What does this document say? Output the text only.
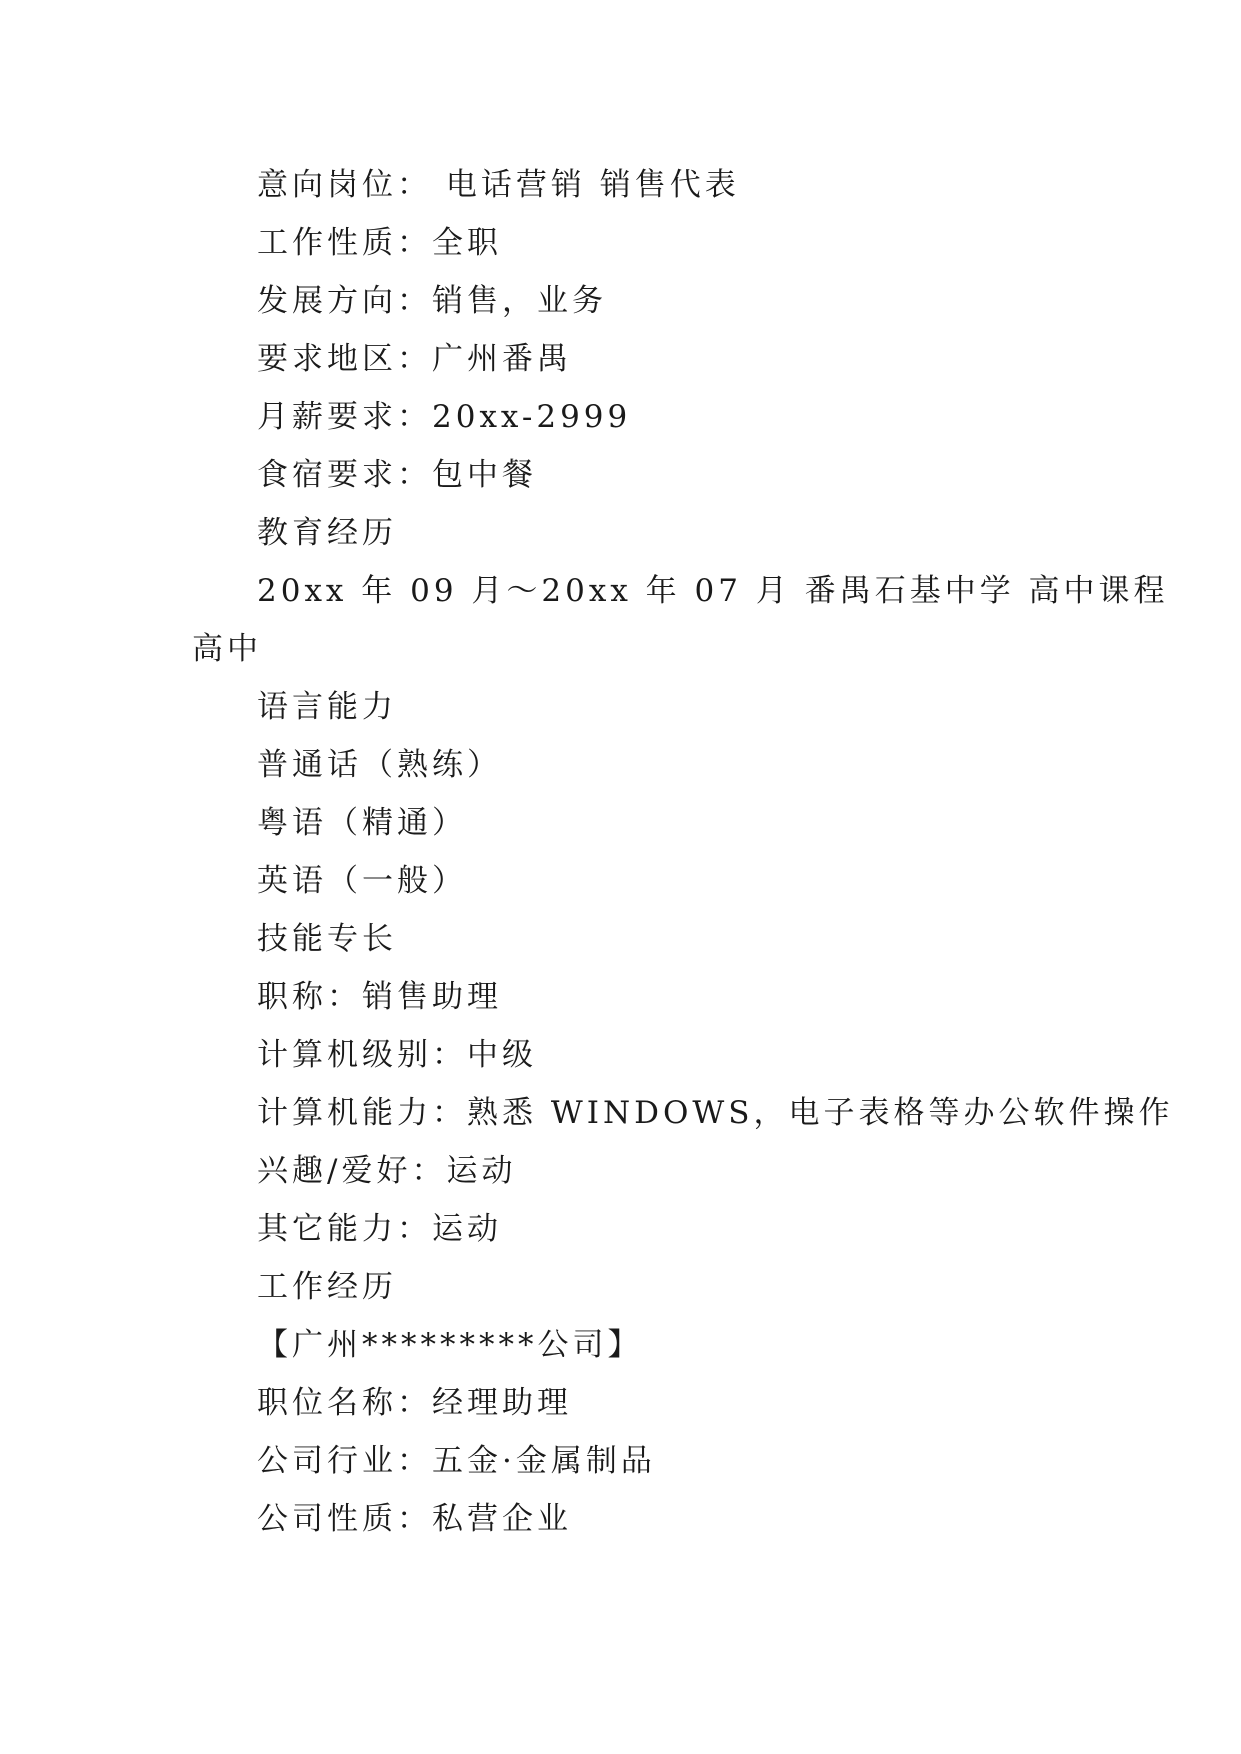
意向岗位： 电话营销 销售代表
工作性质：全职
发展方向：销售，业务
要求地区：广州番禺
月薪要求：20xx-2999
食宿要求：包中餐
教育经历
20xx 年 09 月～20xx 年 07 月 番禺石基中学 高中课程
高中
语言能力
普通话（熟练）
粤语（精通）
英语（一般）
技能专长
职称：销售助理
计算机级别：中级
计算机能力：熟悉 WINDOWS，电子表格等办公软件操作
兴趣/爱好：运动
其它能力：运动
工作经历
【广州*********公司】
职位名称：经理助理
公司行业：五金·金属制品
公司性质：私营企业
